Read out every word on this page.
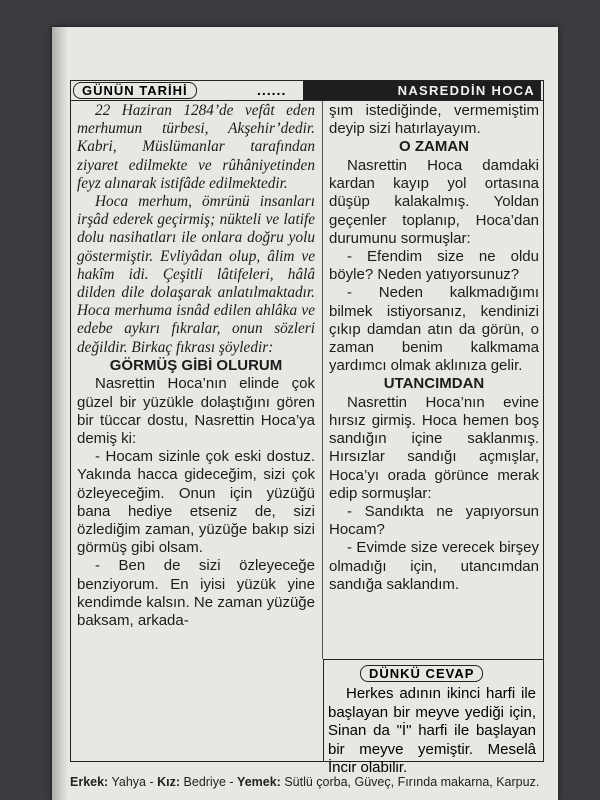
GÜNÜN TARİHİ	......	NASREDDİN HOCA

22 Haziran 1284’de vefât eden merhumun türbesi, Akşehir’dedir. Kabri, Müslümanlar tarafından ziyaret edilmekte ve rûhâniyetinden feyz alınarak istifâde edilmektedir.

Hoca merhum, ömrünü insanları irşâd ederek geçirmiş; nükteli ve latife dolu nasihatları ile onlara doğru yolu göstermiştir. Evliyâdan olup, âlim ve hakîm idi. Çeşitli lâtifeleri, hâlâ dilden dile dolaşarak anlatılmaktadır. Hoca merhuma isnâd edilen ahlâka ve edebe aykırı fıkralar, onun sözleri değildir. Birkaç fıkrası şöyledir:

GÖRMÜŞ GİBİ OLURUM

Nasrettin Hoca’nın elinde çok güzel bir yüzükle dolaştığını gören bir tüccar dostu, Nasrettin Hoca’ya demiş ki:

- Hocam sizinle çok eski dostuz. Yakında hacca gideceğim, sizi çok özleyeceğim. Onun için yüzüğü bana hediye etseniz de, sizi özlediğim zaman, yüzüğe bakıp sizi görmüş gibi olsam.

- Ben de sizi özleyeceğe benziyorum. En iyisi yüzük yine kendimde kalsın. Ne zaman yüzüğe baksam, arkada-

şım istediğinde, vermemiştim deyip sizi hatırlayayım.

O ZAMAN

Nasrettin Hoca damdaki kardan kayıp yol ortasına düşüp kalakalmış. Yoldan geçenler toplanıp, Hoca’dan durumunu sormuşlar:

- Efendim size ne oldu böyle? Neden yatıyorsunuz?

- Neden kalkmadığımı bilmek istiyorsanız, kendinizi çıkıp damdan atın da görün, o zaman benim kalkmama yardımcı olmak aklınıza gelir.

UTANCIMDAN

Nasrettin Hoca’nın evine hırsız girmiş. Hoca hemen boş sandığın içine saklanmış. Hırsızlar sandığı açmışlar, Hoca’yı orada görünce merak edip sormuşlar:

- Sandıkta ne yapıyorsun Hocam?

- Evimde size verecek birşey olmadığı için, utancımdan sandığa saklandım.

DÜNKÜ CEVAP

Herkes adının ikinci harfi ile başlayan bir meyve yediği için, Sinan da "İ" harfi ile başlayan bir meyve yemiştir. Meselâ İncir olabilir.

Erkek: Yahya - Kız: Bedriye - Yemek: Sütlü çorba, Güveç, Fırında makarna, Karpuz.
